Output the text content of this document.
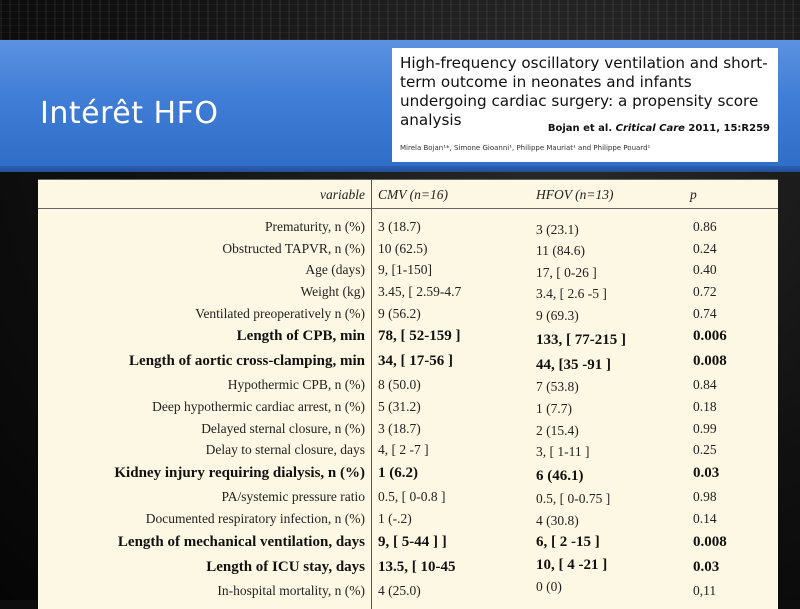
Intérêt HFO
High-frequency oscillatory ventilation and short-term outcome in neonates and infants undergoing cardiac surgery: a propensity score analysis	Bojan et al. Critical Care 2011, 15:R259
Mirela Bojan¹*, Simone Gioanni¹, Philippe Mauriat¹ and Philippe Pouard¹
variable CMV (n=16)	HFOV (n=13)	p
Prematurity, n (%) 3 (18.7)	3 (23.1)	0.86
Obstructed TAPVR, n (%) 10 (62.5)	11 (84.6)	0.24
Age (days) 9, [1-150]	17, [ 0-26 ]	0.40
Weight (kg) 3.45, [ 2.59-4.7	3.4, [ 2.6 -5 ]	0.72
Ventilated preoperatively n (%) 9 (56.2)	9 (69.3)	0.74
Length of CPB, min 78, [ 52-159 ]	133, [ 77-215 ]	0.006
Length of aortic cross-clamping, min 34, [ 17-56 ]	44, [35 -91 ]	0.008
Hypothermic CPB, n (%) 8 (50.0)	7 (53.8)	0.84
Deep hypothermic cardiac arrest, n (%) 5 (31.2)	1 (7.7)	0.18
Delayed sternal closure, n (%) 3 (18.7)	2 (15.4)	0.99
Delay to sternal closure, days 4, [ 2 -7 ]	3, [ 1-11 ]	0.25
Kidney injury requiring dialysis, n (%) 1 (6.2)	6 (46.1)	0.03
PA/systemic pressure ratio 0.5, [ 0-0.8 ]	0.5, [ 0-0.75 ]	0.98
Documented respiratory infection, n (%) 1 (-.2)	4 (30.8)	0.14
Length of mechanical ventilation, days 9, [ 5-44 ] ]	6, [ 2 -15 ]	0.008
Length of ICU stay, days 13.5, [ 10-45	10, [ 4 -21 ]	0.03
In-hospital mortality, n (%) 4 (25.0)	0 (0)	0,11
